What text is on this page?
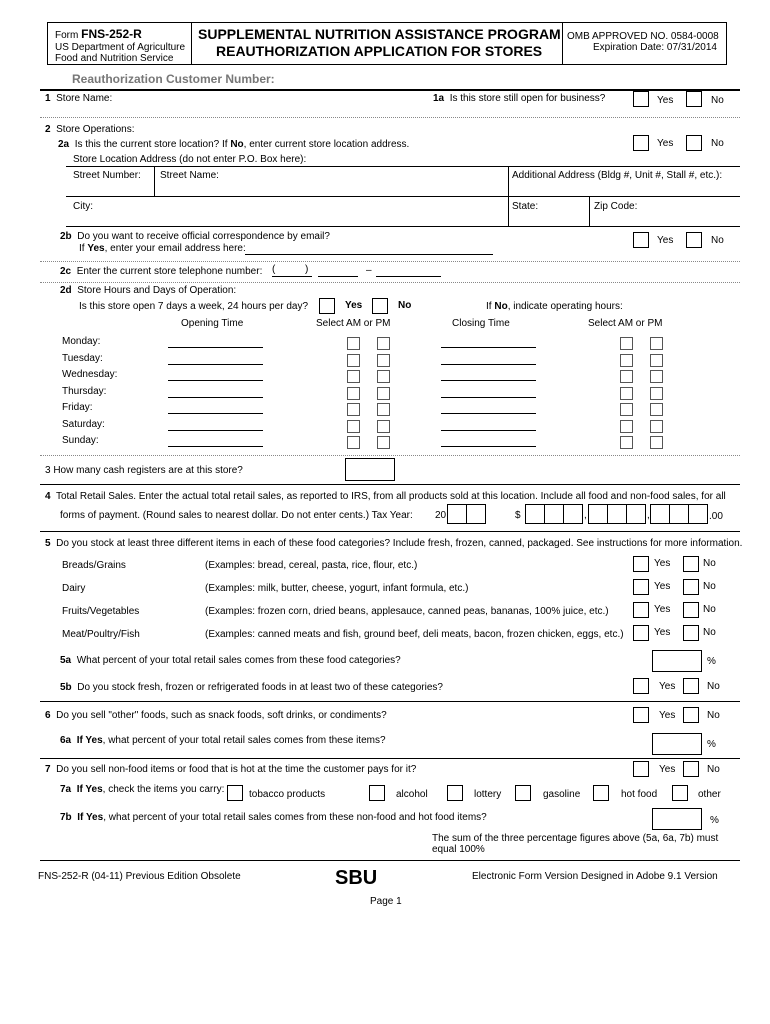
Form FNS-252-R
US Department of Agriculture
Food and Nutrition Service
SUPPLEMENTAL NUTRITION ASSISTANCE PROGRAM
REAUTHORIZATION APPLICATION FOR STORES
OMB APPROVED NO. 0584-0008
Expiration Date: 07/31/2014
Reauthorization Customer Number:
1 Store Name:	1a Is this store still open for business?	Yes	No
2 Store Operations:
2a Is this the current store location? If No, enter current store location address.	Yes	No
Store Location Address (do not enter P.O. Box here):
Street Number: Street Name:	Additional Address (Bldg #, Unit #, Stall #, etc.):
City:	State:	Zip Code:
2b Do you want to receive official correspondence by email?
If Yes, enter your email address here:
Yes	No
2c Enter the current store telephone number: (	)	–
2d Store Hours and Days of Operation:
Is this store open 7 days a week, 24 hours per day?	Yes	No	If No, indicate operating hours:
Opening Time	Select AM or PM	Closing Time	Select AM or PM
Monday:
Tuesday:
Wednesday:
Thursday:
Friday:
Saturday:
Sunday:
3 How many cash registers are at this store?
4 Total Retail Sales. Enter the actual total retail sales, as reported to IRS, from all products sold at this location. Include all food and non-food sales, for all
forms of payment. (Round sales to nearest dollar. Do not enter cents.) Tax Year: 20	$	,	,	.00
5 Do you stock at least three different items in each of these food categories? Include fresh, frozen, canned, packaged. See instructions for more information.
Breads/Grains	(Examples: bread, cereal, pasta, rice, flour, etc.)	Yes	No
Dairy	(Examples: milk, butter, cheese, yogurt, infant formula, etc.)	Yes	No
Fruits/Vegetables	(Examples: frozen corn, dried beans, applesauce, canned peas, bananas, 100% juice, etc.)	Yes	No
Meat/Poultry/Fish	(Examples: canned meats and fish, ground beef, deli meats, bacon, frozen chicken, eggs, etc.)	Yes	No
5a What percent of your total retail sales comes from these food categories?	%
5b Do you stock fresh, frozen or refrigerated foods in at least two of these categories?	Yes	No
6 Do you sell "other" foods, such as snack foods, soft drinks, or condiments?	Yes	No
6a If Yes, what percent of your total retail sales comes from these items?	%
7 Do you sell non-food items or food that is hot at the time the customer pays for it?	Yes	No
7a If Yes, check the items you carry: tobacco products	alcohol	lottery	gasoline	hot food	other
7b If Yes, what percent of your total retail sales comes from these non-food and hot food items?	%
The sum of the three percentage figures above (5a, 6a, 7b) must
equal 100%
FNS-252-R (04-11) Previous Edition Obsolete	SBU	Electronic Form Version Designed in Adobe 9.1 Version
Page 1
